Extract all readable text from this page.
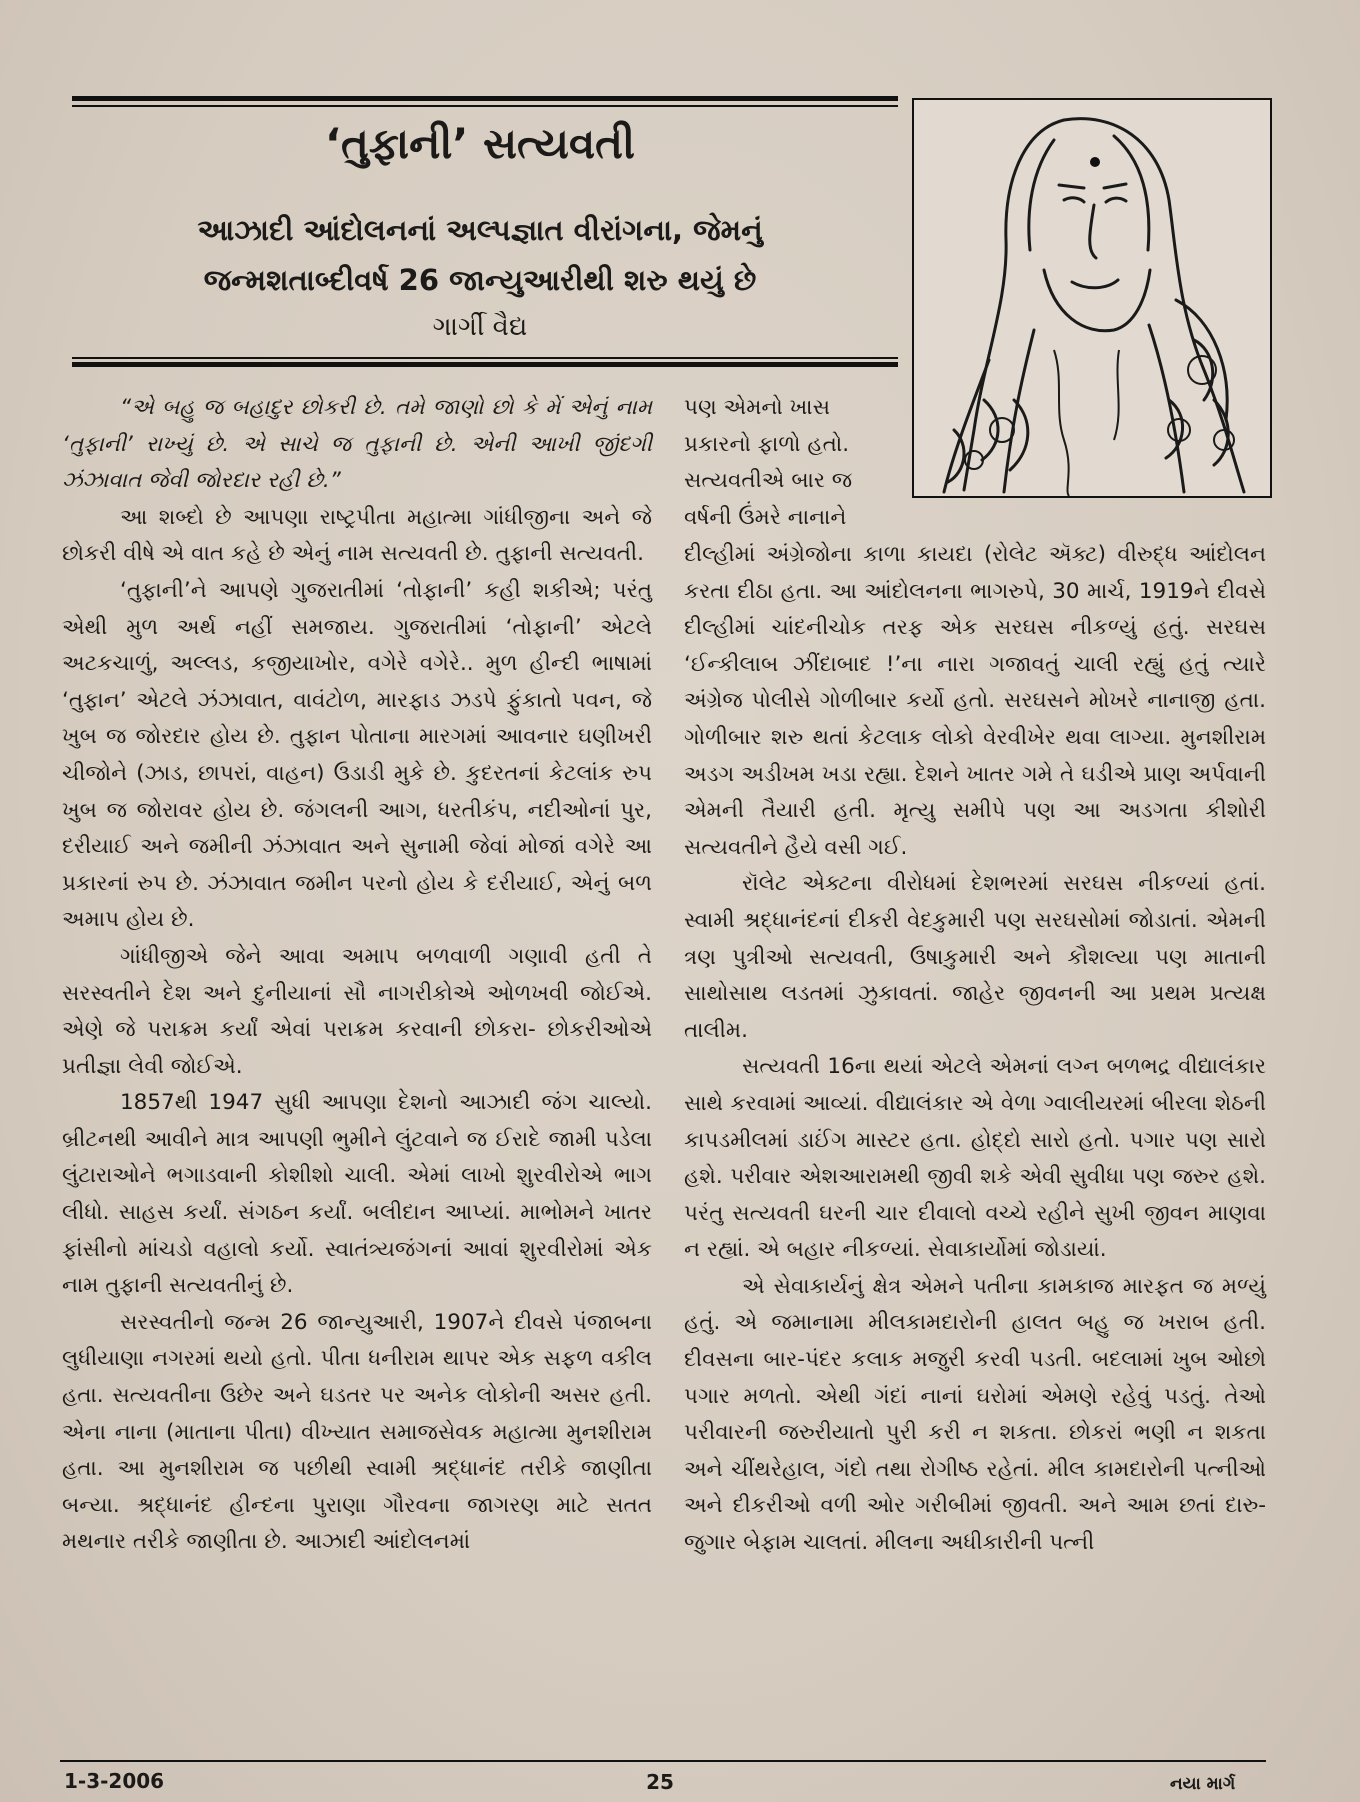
‘તુફાની’ સત્યવતી
આઝાદી આંદોલનનાં અલ્પજ્ઞાત વીરાંગના, જેમનું
જન્મશતાબ્દીવર્ષ 26 જાન્યુઆરીથી શરુ થયું છે
ગાર્ગી વૈદ્ય

“એ બહુ જ બહાદુર છોકરી છે. તમે જાણો છો કે મેં એનું નામ ‘તુફાની’ રાખ્યું છે. એ સાચે જ તુફાની છે. એની આખી જીંદગી ઝંઝાવાત જેવી જોરદાર રહી છે.”

આ શબ્દો છે આપણા રાષ્ટ્રપીતા મહાત્મા ગાંધીજીના અને જે છોકરી વીષે એ વાત કહે છે એનું નામ સત્યવતી છે. તુફાની સત્યવતી.

‘તુફાની’ને આપણે ગુજરાતીમાં ‘તોફાની’ કહી શકીએ; પરંતુ એથી મુળ અર્થ નહીં સમજાય. ગુજરાતીમાં ‘તોફાની’ એટલે અટકચાળું, અલ્લડ, કજીયાખોર, વગેરે વગેરે.. મુળ હીન્દી ભાષામાં ‘તુફાન’ એટલે ઝંઝાવાત, વાવંટોળ, મારફાડ ઝડપે ફુંકાતો પવન, જે ખુબ જ જોરદાર હોય છે. તુફાન પોતાના મારગમાં આવનાર ઘણીખરી ચીજોને (ઝાડ, છાપરાં, વાહન) ઉડાડી મુકે છે. કુદરતનાં કેટલાંક રુપ ખુબ જ જોરાવર હોય છે. જંગલની આગ, ધરતીકંપ, નદીઓનાં પુર, દરીયાઈ અને જમીની ઝંઝાવાત અને સુનામી જેવાં મોજાં વગેરે આ પ્રકારનાં રુપ છે. ઝંઝાવાત જમીન પરનો હોય કે દરીયાઈ, એનું બળ અમાપ હોય છે.

ગાંધીજીએ જેને આવા અમાપ બળવાળી ગણાવી હતી તે સરસ્વતીને દેશ અને દુનીયાનાં સૌ નાગરીકોએ ઓળખવી જોઈએ. એણે જે પરાક્રમ કર્યાં એવાં પરાક્રમ કરવાની છોકરા- છોકરીઓએ પ્રતીજ્ઞા લેવી જોઈએ.

1857થી 1947 સુધી આપણા દેશનો આઝાદી જંગ ચાલ્યો. બ્રીટનથી આવીને માત્ર આપણી ભુમીને લુંટવાને જ ઈરાદે જામી પડેલા લુંટારાઓને ભગાડવાની કોશીશો ચાલી. એમાં લાખો શુરવીરોએ ભાગ લીધો. સાહસ કર્યાં. સંગઠન કર્યાં. બલીદાન આપ્યાં. માભોમને ખાતર ફાંસીનો માંચડો વહાલો કર્યો. સ્વાતંત્ર્યજંગનાં આવાં શુરવીરોમાં એક નામ તુફાની સત્યવતીનું છે.

સરસ્વતીનો જન્મ 26 જાન્યુઆરી, 1907ને દીવસે પંજાબના લુધીયાણા નગરમાં થયો હતો. પીતા ધનીરામ થાપર એક સફળ વકીલ હતા. સત્યવતીના ઉછેર અને ઘડતર પર અનેક લોકોની અસર હતી. એના નાના (માતાના પીતા) વીખ્યાત સમાજસેવક મહાત્મા મુનશીરામ હતા. આ મુનશીરામ જ પછીથી સ્વામી શ્રદ્ધાનંદ તરીકે જાણીતા બન્યા. શ્રદ્ધાનંદ હીન્દના પુરાણા ગૌરવના જાગરણ માટે સતત મથનાર તરીકે જાણીતા છે. આઝાદી આંદોલનમાં

પણ એમનો ખાસ
પ્રકારનો ફાળો હતો.
સત્યવતીએ બાર જ
વર્ષની ઉંમરે નાનાને

દીલ્હીમાં અંગ્રેજોના કાળા કાયદા (રોલેટ ઍક્ટ) વીરુદ્ધ આંદોલન કરતા દીઠા હતા. આ આંદોલનના ભાગરુપે, 30 માર્ચ, 1919ને દીવસે દીલ્હીમાં ચાંદનીચોક તરફ એક સરઘસ નીકળ્યું હતું. સરઘસ ‘ઈન્કીલાબ ઝીંદાબાદ !’ના નારા ગજાવતું ચાલી રહ્યું હતું ત્યારે અંગ્રેજ પોલીસે ગોળીબાર કર્યો હતો. સરઘસને મોખરે નાનાજી હતા. ગોળીબાર શરુ થતાં કેટલાક લોકો વેરવીખેર થવા લાગ્યા. મુનશીરામ અડગ અડીખમ ખડા રહ્યા. દેશને ખાતર ગમે તે ઘડીએ પ્રાણ અર્પવાની એમની તૈયારી હતી. મૃત્યુ સમીપે પણ આ અડગતા કીશોરી સત્યવતીને હૈયે વસી ગઈ.

રૉલેટ એક્ટના વીરોધમાં દેશભરમાં સરઘસ નીકળ્યાં હતાં. સ્વામી શ્રદ્ધાનંદનાં દીકરી વેદકુમારી પણ સરઘસોમાં જોડાતાં. એમની ત્રણ પુત્રીઓ સત્યવતી, ઉષાકુમારી અને કૌશલ્યા પણ માતાની સાથોસાથ લડતમાં ઝુકાવતાં. જાહેર જીવનની આ પ્રથમ પ્રત્યક્ષ તાલીમ.

સત્યવતી 16ના થયાં એટલે એમનાં લગ્ન બળભદ્ર વીદ્યાલંકાર સાથે કરવામાં આવ્યાં. વીદ્યાલંકાર એ વેળા ગ્વાલીયરમાં બીરલા શેઠની કાપડમીલમાં ડાઈંગ માસ્ટર હતા. હોદ્દો સારો હતો. પગાર પણ સારો હશે. પરીવાર એશઆરામથી જીવી શકે એવી સુવીધા પણ જરુર હશે. પરંતુ સત્યવતી ઘરની ચાર દીવાલો વચ્ચે રહીને સુખી જીવન માણવા ન રહ્યાં. એ બહાર નીકળ્યાં. સેવાકાર્યોમાં જોડાયાં.

એ સેવાકાર્યનું ક્ષેત્ર એમને પતીના કામકાજ મારફત જ મળ્યું હતું. એ જમાનામા મીલકામદારોની હાલત બહુ જ ખરાબ હતી. દીવસના બાર-પંદર કલાક મજુરી કરવી પડતી. બદલામાં ખુબ ઓછો પગાર મળતો. એથી ગંદાં નાનાં ઘરોમાં એમણે રહેવું પડતું. તેઓ પરીવારની જરુરીયાતો પુરી કરી ન શકતા. છોકરાં ભણી ન શકતા અને ચીંથરેહાલ, ગંદો તથા રોગીષ્ઠ રહેતાં. મીલ કામદારોની પત્નીઓ અને દીકરીઓ વળી ઓર ગરીબીમાં જીવતી. અને આમ છતાં દારુ-જુગાર બેફામ ચાલતાં. મીલના અધીકારીની પત્ની

1-3-2006	25	નયા માર્ગ
